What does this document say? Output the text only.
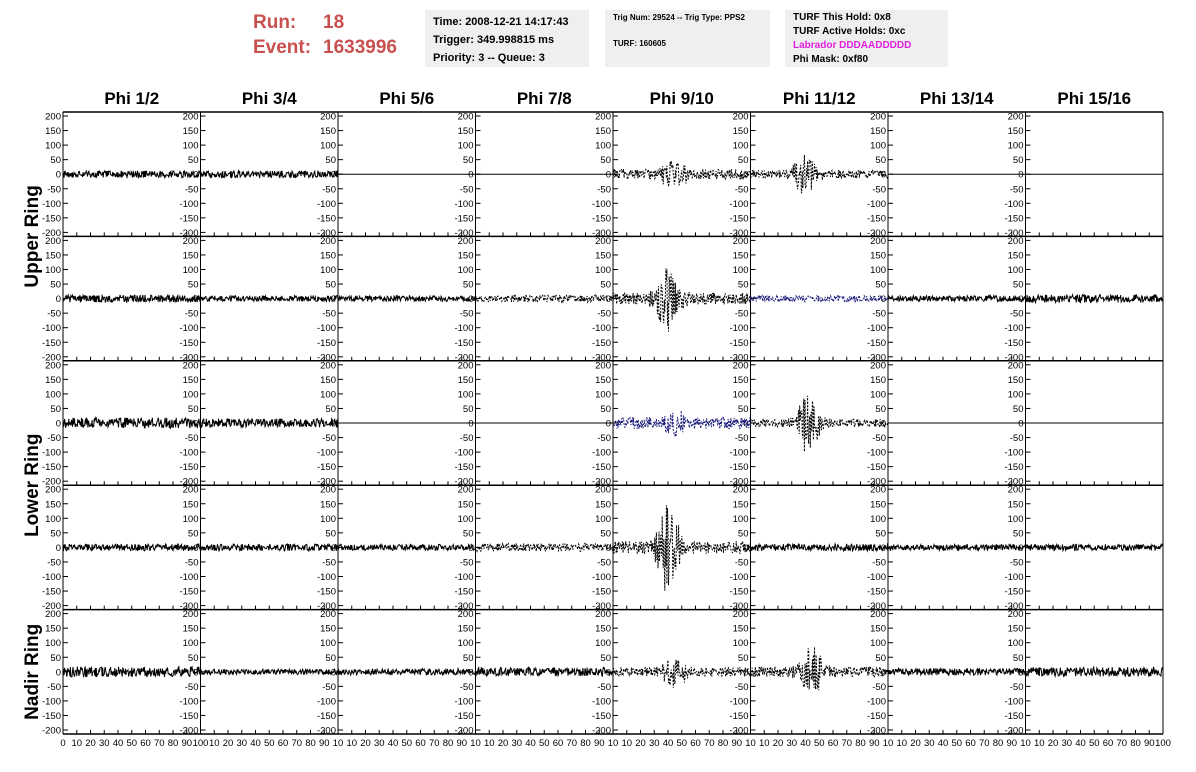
Run: 18
Event: 1633996
Time: 2008-12-21 14:17:43
Trigger: 349.998815 ms
Priority: 3 -- Queue: 3
Trig Num: 29524 -- Trig Type: PPS2
TURF: 160605
TURF This Hold: 0x8
TURF Active Holds: 0xc
Labrador DDDAADDDDD
Phi Mask: 0xf80
Phi 1/2	Phi 3/4	Phi 5/6	Phi 7/8	Phi 9/10	Phi 11/12	Phi 13/14	Phi 15/16
Upper Ring
Lower Ring
Nadir Ring
200
150
100
50
0
-50
-100
-150
-200
200
150
100
50
0
-50
-100
-150
-200
200
150
100
50
0
-50
-100
-150
-200
200
150
100
50
0
-50
-100
-150
-200
200
150
100
50
0
-50
-100
-150
-200
200
150
100
50
0
-50
-100
-150
-200
200
150
100
50
0
-50
-100
-150
-200
200
150
100
50
0
-50
-100
-150
-200
200
150
100
50
0
-50
-100
-150
-200
200
150
100
50
0
-50
-100
-150
-200
200
150
100
50
0
-50
-100
-150
-200
200
150
100
50
0
-50
-100
-150
-200
200
150
100
50
0
-50
-100
-150
-200
200
150
100
50
0
-50
-100
-150
-200
200
150
100
50
0
-50
-100
-150
-200
200
150
100
50
0
-50
-100
-150
-200
200
150
100
50
0
-50
-100
-150
-200
200
150
100
50
0
-50
-100
-150
-200
200
150
100
50
0
-50
-100
-150
-200
200
150
100
50
0
-50
-100
-150
-200
200
150
100
50
0
-50
-100
-150
-200
200
150
100
50
0
-50
-100
-150
-200
200
150
100
50
0
-50
-100
-150
-200
200
150
100
50
0
-50
-100
-150
-200
200
150
100
50
0
-50
-100
-150
-200
200
150
100
50
0
-50
-100
-150
-200
200
150
100
50
0
-50
-100
-150
-200
200
150
100
50
0
-50
-100
-150
-200
200
150
100
50
0
-50
-100
-150
-200
200
150
100
50
0
-50
-100
-150
-200
200
150
100
50
0
-50
-100
-150
-200
200
150
100
50
0
-50
-100
-150
-200
200
150
100
50
0
-50
-100
-150
-200
200
150
100
50
0
-50
-100
-150
-200
200
150
100
50
0
-50
-100
-150
-200
200
150
100
50
0
-50
-100
-150
-200
200
150
100
50
0
-50
-100
-150
-200
200
150
100
50
0
-50
-100
-150
-200
200
150
100
50
0
-50
-100
-150
-200
200
150
100
50
0
-50
-100
-150
-200
0 10 20 30 40 50 60 70 80 90 100 10 20 30 40 50 60 70 80 90 10 10 20 30 40 50 60 70 80 90 10 10 20 30 40 50 60 70 80 90 10 10 20 30 40 50 60 70 80 90 10 10 20 30 40 50 60 70 80 90 10 10 20 30 40 50 60 70 80 90 10 10 20 30 40 50 60 70 80 90 100
